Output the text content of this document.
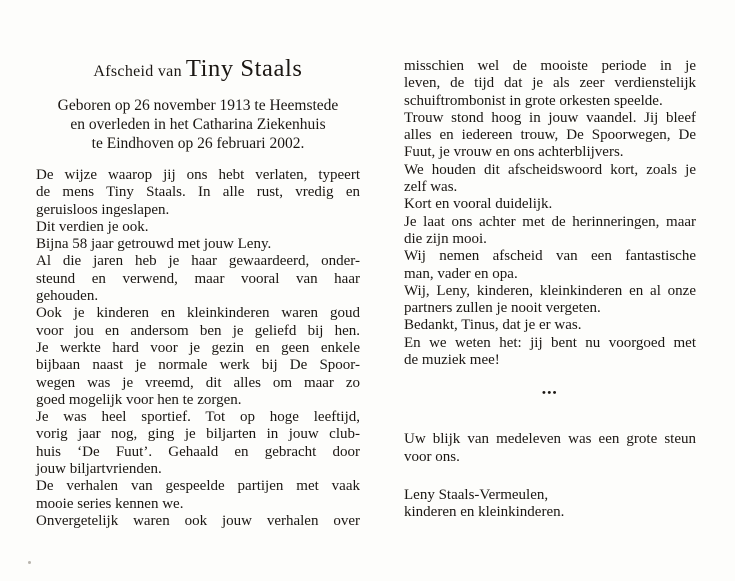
Afscheid van Tiny Staals
Geboren op 26 november 1913 te Heemstede
en overleden in het Catharina Ziekenhuis
te Eindhoven op 26 februari 2002.
De wijze waarop jij ons hebt verlaten, typeert
de mens Tiny Staals. In alle rust, vredig en
geruisloos ingeslapen.
Dit verdien je ook.
Bijna 58 jaar getrouwd met jouw Leny.
Al die jaren heb je haar gewaardeerd, onder-
steund en verwend, maar vooral van haar
gehouden.
Ook je kinderen en kleinkinderen waren goud
voor jou en andersom ben je geliefd bij hen.
Je werkte hard voor je gezin en geen enkele
bijbaan naast je normale werk bij De Spoor-
wegen was je vreemd, dit alles om maar zo
goed mogelijk voor hen te zorgen.
Je was heel sportief. Tot op hoge leeftijd,
vorig jaar nog, ging je biljarten in jouw club-
huis ‘De Fuut’. Gehaald en gebracht door
jouw biljartvrienden.
De verhalen van gespeelde partijen met vaak
mooie series kennen we.
Onvergetelijk waren ook jouw verhalen over
misschien wel de mooiste periode in je
leven, de tijd dat je als zeer verdienstelijk
schuiftrombonist in grote orkesten speelde.
Trouw stond hoog in jouw vaandel. Jij bleef
alles en iedereen trouw, De Spoorwegen, De
Fuut, je vrouw en ons achterblijvers.
We houden dit afscheidswoord kort, zoals je
zelf was.
Kort en vooral duidelijk.
Je laat ons achter met de herinneringen, maar
die zijn mooi.
Wij nemen afscheid van een fantastische
man, vader en opa.
Wij, Leny, kinderen, kleinkinderen en al onze
partners zullen je nooit vergeten.
Bedankt, Tinus, dat je er was.
En we weten het: jij bent nu voorgoed met
de muziek mee!
•••
Uw blijk van medeleven was een grote steun
voor ons.
Leny Staals-Vermeulen,
kinderen en kleinkinderen.
